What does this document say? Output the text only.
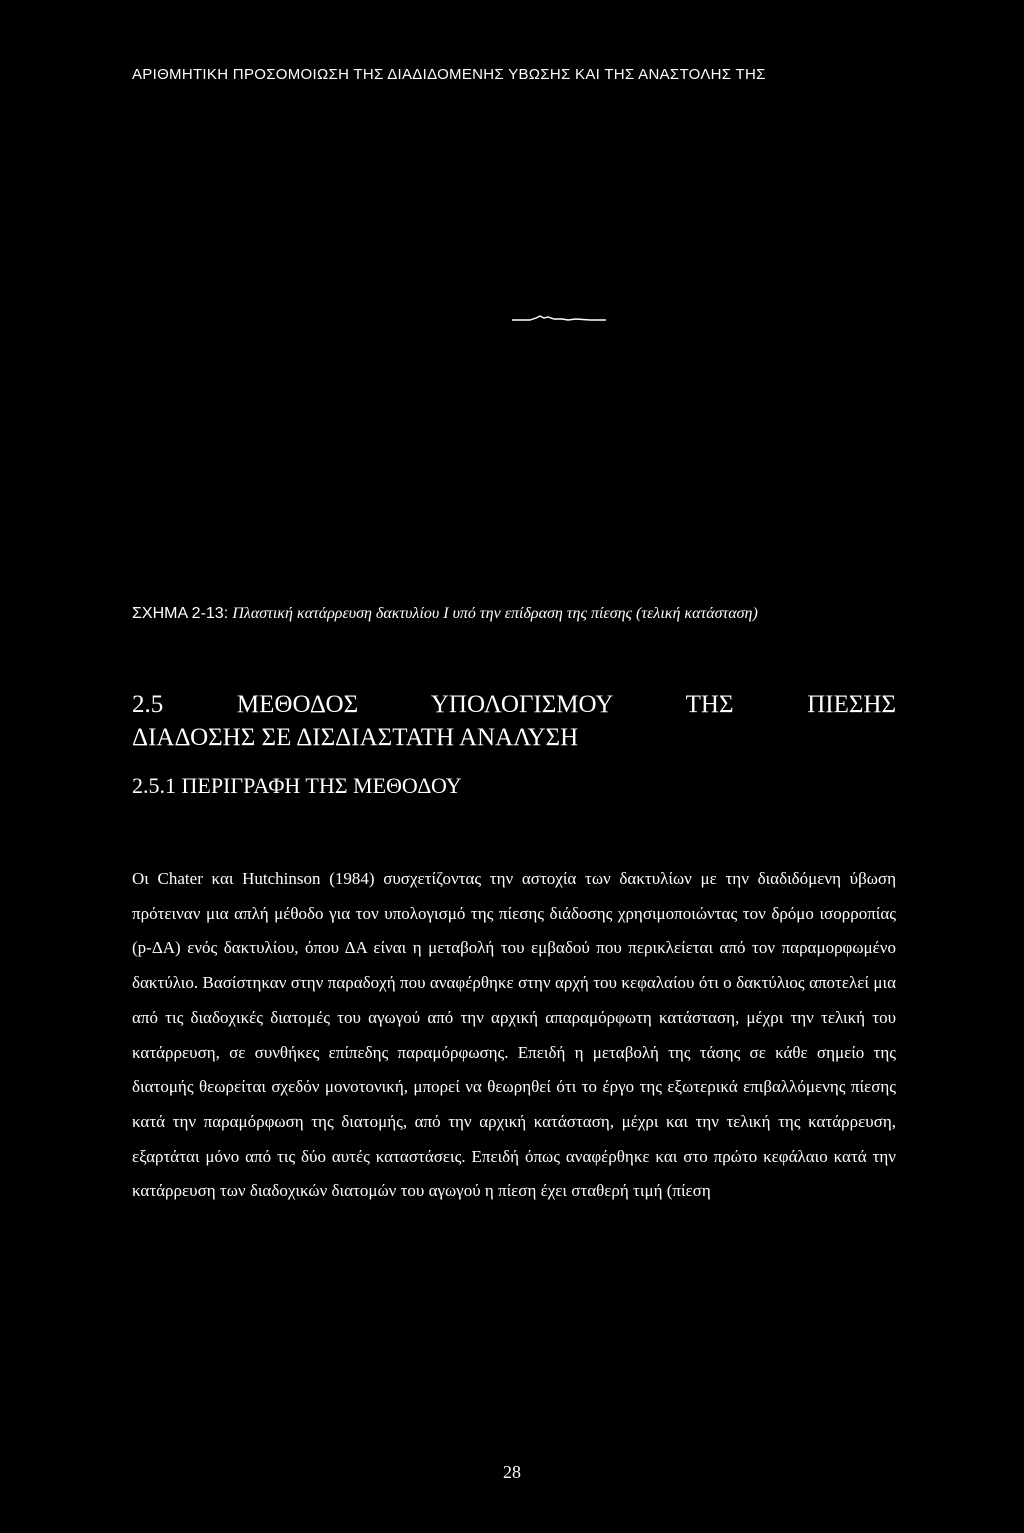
ΑΡΙΘΜΗΤΙΚΗ ΠΡΟΣΟΜΟΙΩΣΗ ΤΗΣ ΔΙΑΔΙΔΟΜΕΝΗΣ ΥΒΩΣΗΣ ΚΑΙ ΤΗΣ ΑΝΑΣΤΟΛΗΣ ΤΗΣ
ΣΧΗΜΑ 2-13: Πλαστική κατάρρευση δακτυλίου Ι υπό την επίδραση της πίεσης (τελική κατάσταση)
2.5 ΜΕΘΟΔΟΣ ΥΠΟΛΟΓΙΣΜΟΥ ΤΗΣ ΠΙΕΣΗΣ
ΔΙΑΔΟΣΗΣ ΣΕ ΔΙΣΔΙΑΣΤΑΤΗ ΑΝΑΛΥΣΗ
2.5.1 ΠΕΡΙΓΡΑΦΗ ΤΗΣ ΜΕΘΟΔΟΥ

Οι Chater και Hutchinson (1984) συσχετίζοντας την αστοχία των δακτυλίων με την διαδιδόμενη ύβωση πρότειναν μια απλή μέθοδο για τον υπολογισμό της πίεσης διάδοσης χρησιμοποιώντας τον δρόμο ισορροπίας (p-ΔΑ) ενός δακτυλίου, όπου ΔΑ είναι η μεταβολή του εμβαδού που περικλείεται από τον παραμορφωμένο δακτύλιο. Βασίστηκαν στην παραδοχή που αναφέρθηκε στην αρχή του κεφαλαίου ότι ο δακτύλιος αποτελεί μια από τις διαδοχικές διατομές του αγωγού από την αρχική απαραμόρφωτη κατάσταση, μέχρι την τελική του κατάρρευση, σε συνθήκες επίπεδης παραμόρφωσης. Επειδή η μεταβολή της τάσης σε κάθε σημείο της διατομής θεωρείται σχεδόν μονοτονική, μπορεί να θεωρηθεί ότι το έργο της εξωτερικά επιβαλλόμενης πίεσης κατά την παραμόρφωση της διατομής, από την αρχική κατάσταση, μέχρι και την τελική της κατάρρευση, εξαρτάται μόνο από τις δύο αυτές καταστάσεις. Επειδή όπως αναφέρθηκε και στο πρώτο κεφάλαιο κατά την κατάρρευση των διαδοχικών διατομών του αγωγού η πίεση έχει σταθερή τιμή (πίεση

28
